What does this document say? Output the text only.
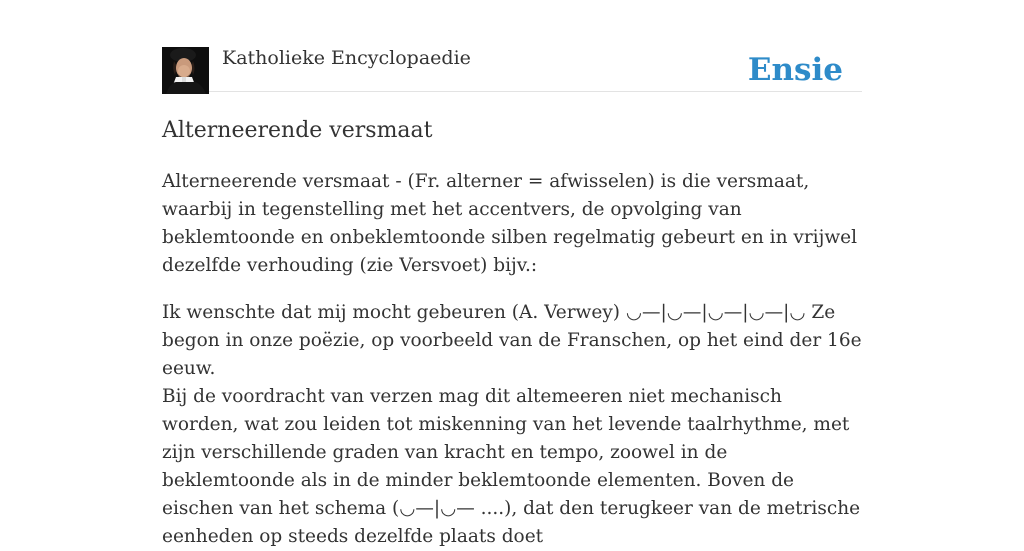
Katholieke Encyclopaedie	Ensie
Alterneerende versmaat

Alterneerende versmaat - (Fr. alterner = afwisselen) is die versmaat, waarbij in tegenstelling met het accentvers, de opvolging van beklemtoonde en onbeklemtoonde silben regelmatig gebeurt en in vrijwel dezelfde verhouding (zie Versvoet) bijv.:

Ik wenschte dat mij mocht gebeuren (A. Verwey) ◡—|◡—|◡—|◡—|◡ Ze begon in onze poëzie, op voorbeeld van de Franschen, op het eind der 16e eeuw.

Bij de voordracht van verzen mag dit altemeeren niet mechanisch worden, wat zou leiden tot miskenning van het levende taalrhythme, met zijn verschillende graden van kracht en tempo, zoowel in de beklemtoonde als in de minder beklemtoonde elementen. Boven de eischen van het schema (◡—|◡— ....), dat den terugkeer van de metrische eenheden op steeds dezelfde plaats doet
